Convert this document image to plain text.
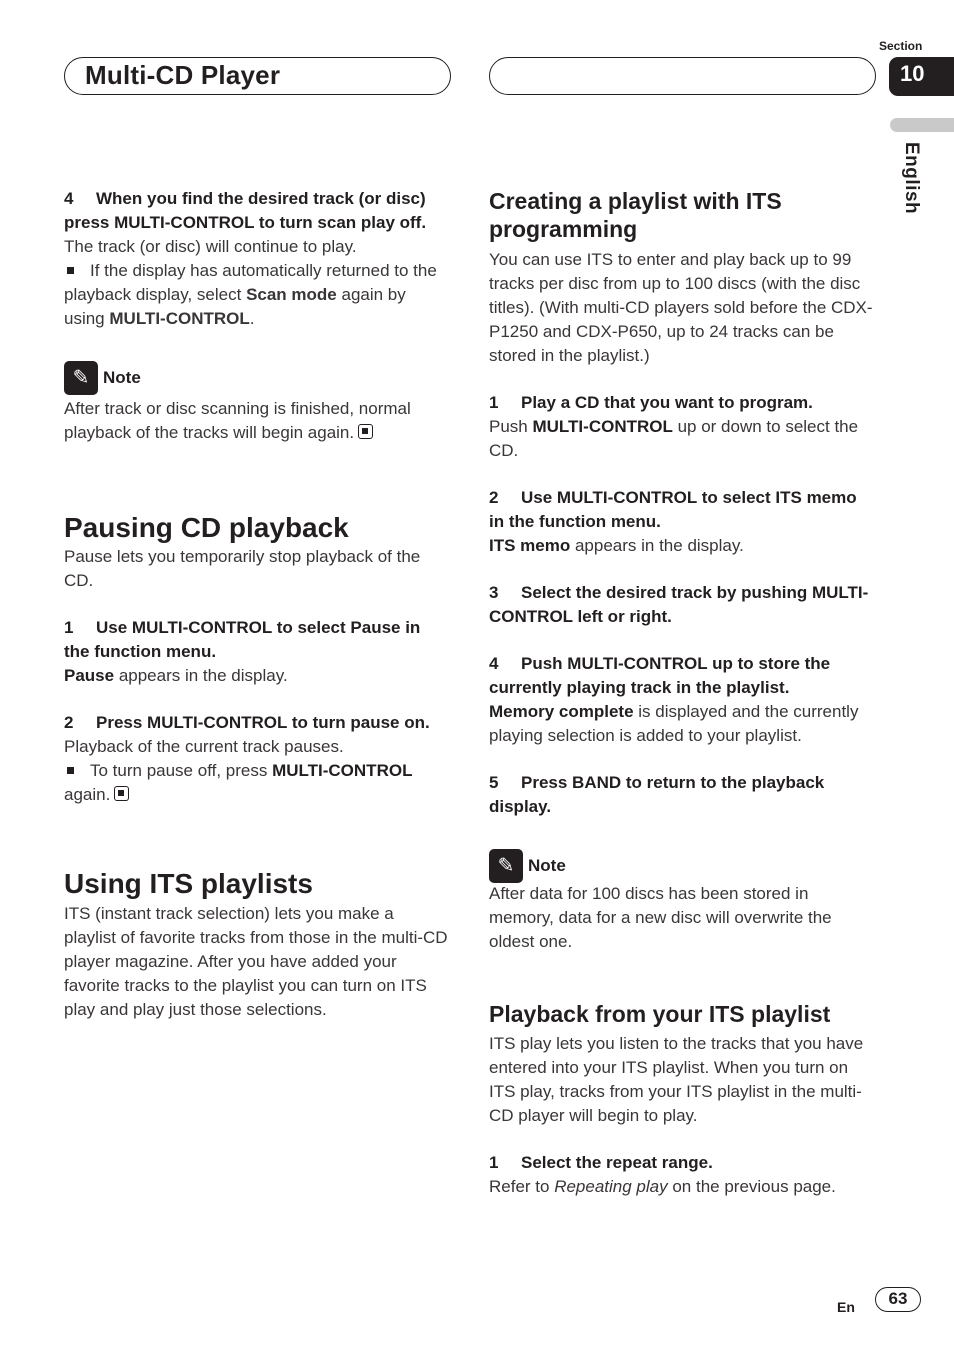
Multi-CD Player
Section
10
English

4 When you find the desired track (or disc) press MULTI-CONTROL to turn scan play off.

The track (or disc) will continue to play.

If the display has automatically returned to the playback display, select Scan mode again by using MULTI-CONTROL.

✎ Note

After track or disc scanning is finished, normal playback of the tracks will begin again.

Pausing CD playback

Pause lets you temporarily stop playback of the CD.

1 Use MULTI-CONTROL to select Pause in the function menu.

Pause appears in the display.

2 Press MULTI-CONTROL to turn pause on.

Playback of the current track pauses.

To turn pause off, press MULTI-CONTROL again.

Using ITS playlists

ITS (instant track selection) lets you make a playlist of favorite tracks from those in the multi-CD player magazine. After you have added your favorite tracks to the playlist you can turn on ITS play and play just those selections.

Creating a playlist with ITS programming

You can use ITS to enter and play back up to 99 tracks per disc from up to 100 discs (with the disc titles). (With multi-CD players sold before the CDX-P1250 and CDX-P650, up to 24 tracks can be stored in the playlist.)

1 Play a CD that you want to program.

Push MULTI-CONTROL up or down to select the CD.

2 Use MULTI-CONTROL to select ITS memo in the function menu.

ITS memo appears in the display.

3 Select the desired track by pushing MULTI-CONTROL left or right.

4 Push MULTI-CONTROL up to store the currently playing track in the playlist.

Memory complete is displayed and the currently playing selection is added to your playlist.

5 Press BAND to return to the playback display.

✎ Note

After data for 100 discs has been stored in memory, data for a new disc will overwrite the oldest one.

Playback from your ITS playlist

ITS play lets you listen to the tracks that you have entered into your ITS playlist. When you turn on ITS play, tracks from your ITS playlist in the multi-CD player will begin to play.

1 Select the repeat range.

Refer to Repeating play on the previous page.

En	63
